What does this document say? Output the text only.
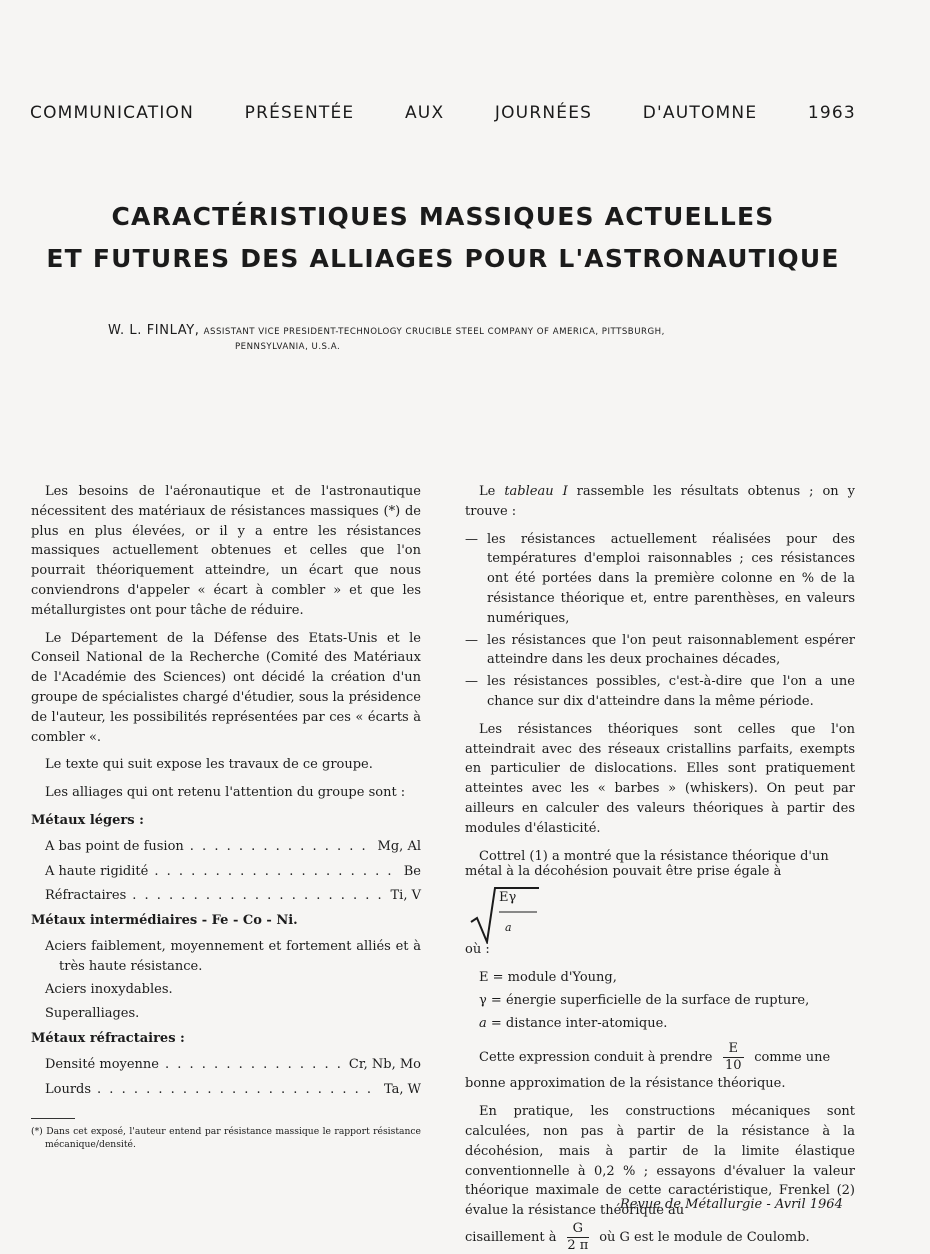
COMMUNICATION	PRÉSENTÉE	AUX	JOURNÉES	D'AUTOMNE	1963
CARACTÉRISTIQUES MASSIQUES ACTUELLES
ET FUTURES DES ALLIAGES POUR L'ASTRONAUTIQUE
W. L. FINLAY, ASSISTANT VICE PRESIDENT-TECHNOLOGY CRUCIBLE STEEL COMPANY OF AMERICA, PITTSBURGH,
PENNSYLVANIA, U.S.A.

Les besoins de l'aéronautique et de l'astronautique nécessitent des matériaux de résistances massiques (*) de plus en plus élevées, or il y a entre les résistances massiques actuellement obtenues et celles que l'on pourrait théoriquement atteindre, un écart que nous conviendrons d'appeler « écart à combler » et que les métallurgistes ont pour tâche de réduire.

Le Département de la Défense des Etats-Unis et le Conseil National de la Recherche (Comité des Matériaux de l'Académie des Sciences) ont décidé la création d'un groupe de spécialistes chargé d'étudier, sous la présidence de l'auteur, les possibilités représentées par ces « écarts à combler «.

Le texte qui suit expose les travaux de ce groupe.

Les alliages qui ont retenu l'attention du groupe sont :

Métaux légers :
A bas point de fusion . . .	Mg, Al
A haute rigidité . . .	Be
Réfractaires . . .	Ti, V
Métaux intermédiaires - Fe - Co - Ni.
Aciers faiblement, moyennement et fortement alliés et à très haute résistance.
Aciers inoxydables.
Superalliages.
Métaux réfractaires :
Densité moyenne . . .	Cr, Nb, Mo
Lourds . . .	Ta, W
(*) Dans cet exposé, l'auteur entend par résistance massique le rapport résistance mécanique/densité.

Le tableau I rassemble les résultats obtenus ; on y trouve :

— les résistances actuellement réalisées pour des températures d'emploi raisonnables ; ces résistances ont été portées dans la première colonne en % de la résistance théorique et, entre parenthèses, en valeurs numériques,
— les résistances que l'on peut raisonnablement espérer atteindre dans les deux prochaines décades,
— les résistances possibles, c'est-à-dire que l'on a une chance sur dix d'atteindre dans la même période.

Les résistances théoriques sont celles que l'on atteindrait avec des réseaux cristallins parfaits, exempts en particulier de dislocations. Elles sont pratiquement atteintes avec les « barbes » (whiskers). On peut par ailleurs en calculer des valeurs théoriques à partir des modules d'élasticité.

Cottrel (1) a montré que la résistance théorique d'un

métal à la décohésion pouvait être prise égale à
Eγ
a

où :

E = module d'Young,
γ = énergie superficielle de la surface de rupture,
a = distance inter-atomique.
Cette expression conduit à prendre $\frac{E}{10}$ comme une

bonne approximation de la résistance théorique.

En pratique, les constructions mécaniques sont calculées, non pas à partir de la résistance à la décohésion, mais à partir de la limite élastique conventionnelle à 0,2 % ; essayons d'évaluer la valeur théorique maximale de cette caractéristique, Frenkel (2) évalue la résistance théorique au

cisaillement à $\frac{G}{2 \pi}$ où G est le module de Coulomb.
Revue de Métallurgie - Avril 1964
